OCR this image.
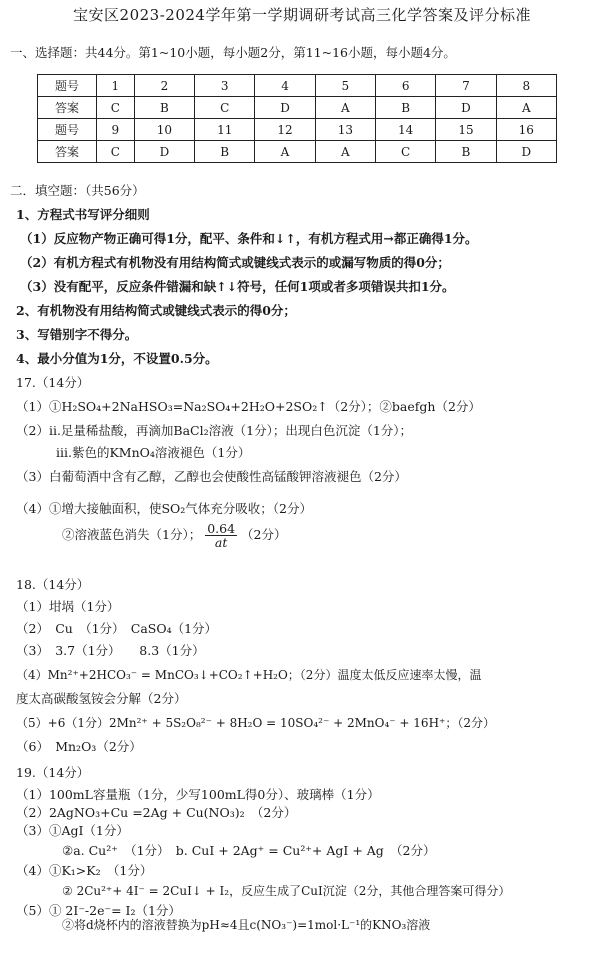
宝安区2023-2024学年第一学期调研考试高三化学答案及评分标准
一、选择题：共44分。第1~10小题，每小题2分，第11~16小题，每小题4分。
题号	1	2	3	4	5	6	7	8
答案	C	B	C	D	A	B	D	A
题号	9	10	11	12	13	14	15	16
答案	C	D	B	A	A	C	B	D
二．填空题：（共56分）
1、方程式书写评分细则
（1）反应物产物正确可得1分，配平、条件和↓↑，有机方程式用→都正确得1分。
（2）有机方程式有机物没有用结构简式或键线式表示的或漏写物质的得0分；
（3）没有配平，反应条件错漏和缺↑↓符号，任何1项或者多项错误共扣1分。
2、有机物没有用结构简式或键线式表示的得0分；
3、写错别字不得分。
4、最小分值为1分，不设置0.5分。
17.（14分）
（1）①H₂SO₄+2NaHSO₃=Na₂SO₄+2H₂O+2SO₂↑（2分）；②baefgh（2分）
（2）ii.足量稀盐酸，再滴加BaCl₂溶液（1分）；出现白色沉淀（1分）；
iii.紫色的KMnO₄溶液褪色（1分）
（3）白葡萄酒中含有乙醇，乙醇也会使酸性高锰酸钾溶液褪色（2分）
（4）①增大接触面积，使SO₂气体充分吸收；（2分）
②溶液蓝色消失（1分）； $\frac{0.64}{at} (2$分）
18.（14分）
（1）坩埚（1分）
（2）　Cu　（1分）　CaSO₄（1分）
（3）　3.7（1分）　　8.3（1分）
（4）Mn²⁺+2HCO₃⁻ = MnCO₃↓+CO₂↑+H₂O；（2分）温度太低反应速率太慢，温
度太高碳酸氢铵会分解（2分）
（5）+6（1分）2Mn²⁺ + 5S₂O₈²⁻ + 8H₂O = 10SO₄²⁻ + 2MnO₄⁻ + 16H⁺；（2分）
（6）　Mn₂O₃（2分）
19.（14分）
（1）100mL容量瓶（1分，少写100mL得0分）、玻璃棒（1分）
（2）2AgNO₃+Cu =2Ag + Cu(NO₃)₂　（2分）
（3）①AgI（1分）
②a. Cu²⁺　（1分）　b. CuI + 2Ag⁺ = Cu²⁺+ AgI + Ag　（2分）
（4）①K₁>K₂　（1分）
② 2Cu²⁺+ 4I⁻ = 2CuI↓ + I₂，反应生成了CuI沉淀（2分，其他合理答案可得分）
（5）① 2I⁻-2e⁻= I₂（1分）
②将d烧杯内的溶液替换为pH≈4且c(NO₃⁻)=1mol·L⁻¹的KNO₃溶液
